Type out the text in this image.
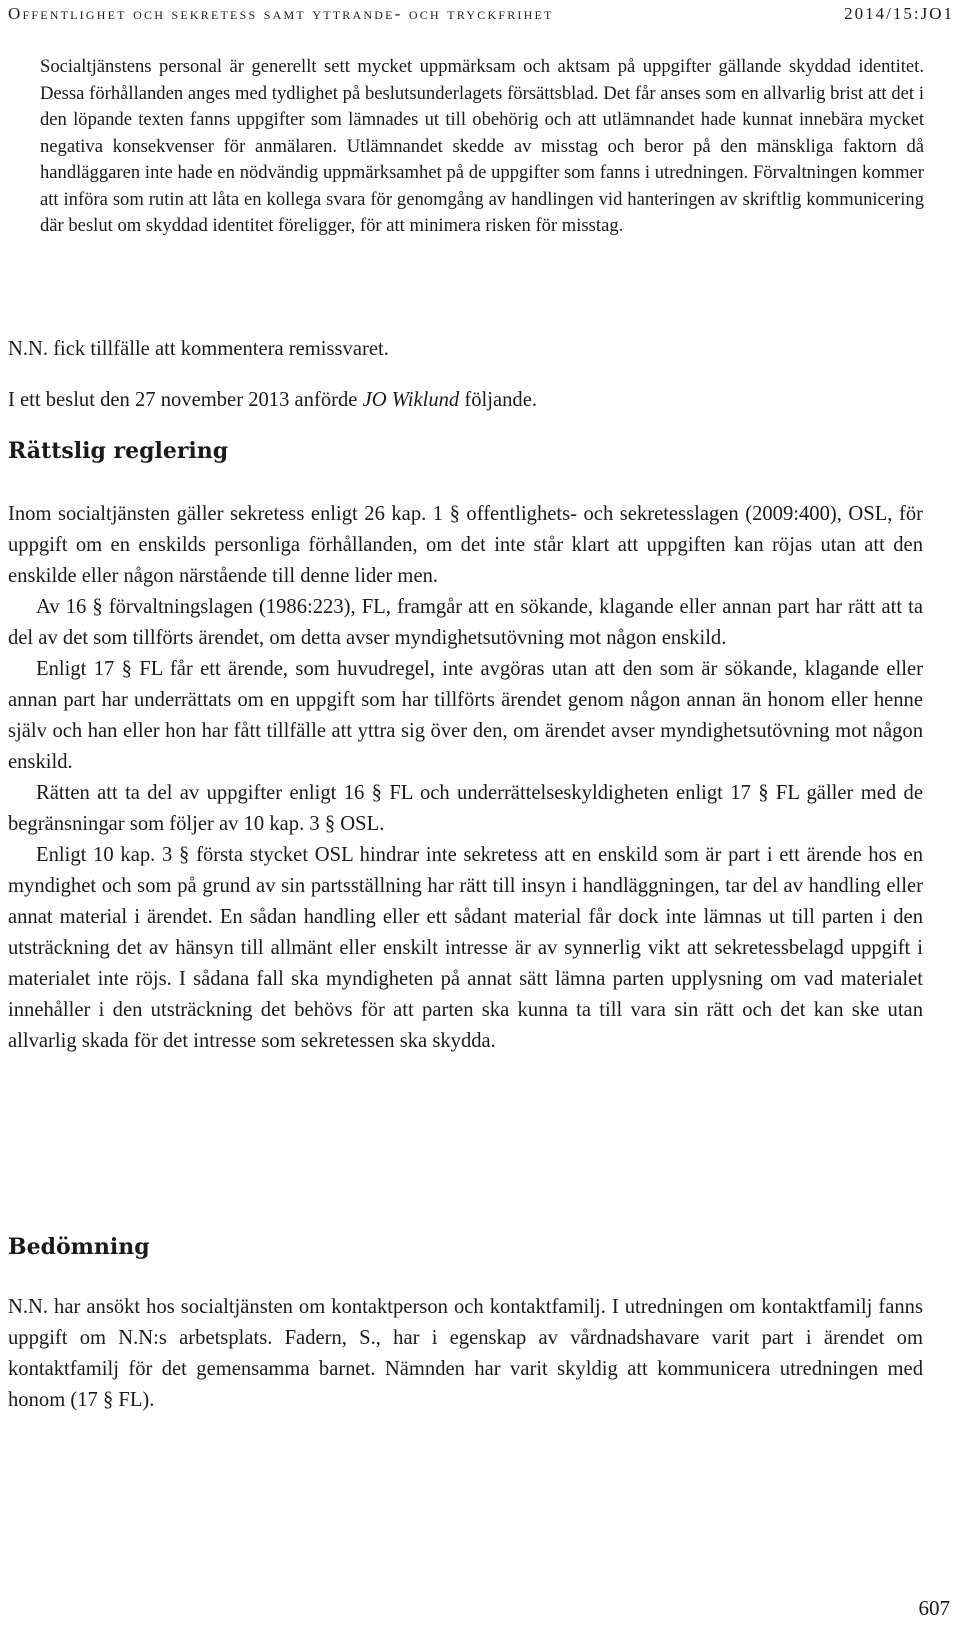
Offentlighet och sekretess samt yttrande- och tryckfrihet	2014/15:JO1

Socialtjänstens personal är generellt sett mycket uppmärksam och aktsam på uppgifter gällande skyddad identitet. Dessa förhållanden anges med tydlighet på beslutsunderlagets försättsblad. Det får anses som en allvarlig brist att det i den löpande texten fanns uppgifter som lämnades ut till obehörig och att utlämnandet hade kunnat innebära mycket negativa konsekvenser för anmälaren. Utlämnandet skedde av misstag och beror på den mänskliga faktorn då handläggaren inte hade en nödvändig uppmärksamhet på de uppgifter som fanns i utredningen. Förvaltningen kommer att införa som rutin att låta en kollega svara för genomgång av handlingen vid hanteringen av skriftlig kommunicering där beslut om skyddad identitet föreligger, för att minimera risken för misstag.

N.N. fick tillfälle att kommentera remissvaret.
I ett beslut den 27 november 2013 anförde JO Wiklund följande.
Rättslig reglering

Inom socialtjänsten gäller sekretess enligt 26 kap. 1 § offentlighets- och sekretesslagen (2009:400), OSL, för uppgift om en enskilds personliga förhållanden, om det inte står klart att uppgiften kan röjas utan att den enskilde eller någon närstående till denne lider men.

Av 16 § förvaltningslagen (1986:223), FL, framgår att en sökande, klagande eller annan part har rätt att ta del av det som tillförts ärendet, om detta avser myndighetsutövning mot någon enskild.

Enligt 17 § FL får ett ärende, som huvudregel, inte avgöras utan att den som är sökande, klagande eller annan part har underrättats om en uppgift som har tillförts ärendet genom någon annan än honom eller henne själv och han eller hon har fått tillfälle att yttra sig över den, om ärendet avser myndighetsutövning mot någon enskild.

Rätten att ta del av uppgifter enligt 16 § FL och underrättelseskyldigheten enligt 17 § FL gäller med de begränsningar som följer av 10 kap. 3 § OSL.

Enligt 10 kap. 3 § första stycket OSL hindrar inte sekretess att en enskild som är part i ett ärende hos en myndighet och som på grund av sin partsställning har rätt till insyn i handläggningen, tar del av handling eller annat material i ärendet. En sådan handling eller ett sådant material får dock inte lämnas ut till parten i den utsträckning det av hänsyn till allmänt eller enskilt intresse är av synnerlig vikt att sekretessbelagd uppgift i materialet inte röjs. I sådana fall ska myndigheten på annat sätt lämna parten upplysning om vad materialet innehåller i den utsträckning det behövs för att parten ska kunna ta till vara sin rätt och det kan ske utan allvarlig skada för det intresse som sekretessen ska skydda.

Bedömning

N.N. har ansökt hos socialtjänsten om kontaktperson och kontaktfamilj. I utredningen om kontaktfamilj fanns uppgift om N.N:s arbetsplats. Fadern, S., har i egenskap av vårdnadshavare varit part i ärendet om kontaktfamilj för det gemensamma barnet. Nämnden har varit skyldig att kommunicera utredningen med honom (17 § FL).

607
